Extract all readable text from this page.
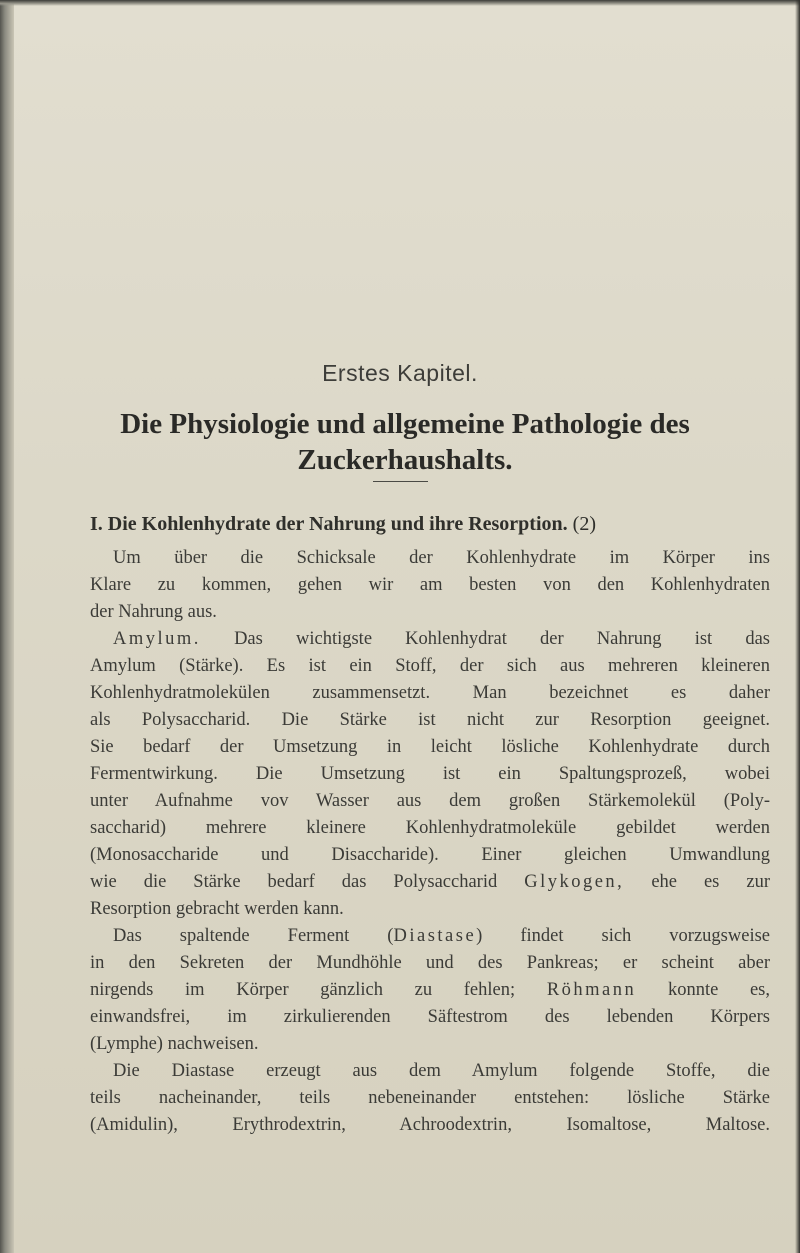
Erstes Kapitel.
Die Physiologie und allgemeine Pathologie des
Zuckerhaushalts.
I. Die Kohlenhydrate der Nahrung und ihre Resorption. (2)
Um über die Schicksale der Kohlenhydrate im Körper ins
Klare zu kommen, gehen wir am besten von den Kohlenhydraten
der Nahrung aus.
Amylum. Das wichtigste Kohlenhydrat der Nahrung ist das
Amylum (Stärke). Es ist ein Stoff, der sich aus mehreren kleineren
Kohlenhydratmolekülen zusammensetzt. Man bezeichnet es daher
als Polysaccharid. Die Stärke ist nicht zur Resorption geeignet.
Sie bedarf der Umsetzung in leicht lösliche Kohlenhydrate durch
Fermentwirkung. Die Umsetzung ist ein Spaltungsprozeß, wobei
unter Aufnahme vov Wasser aus dem großen Stärkemolekül (Poly-
saccharid) mehrere kleinere Kohlenhydratmoleküle gebildet werden
(Monosaccharide und Disaccharide). Einer gleichen Umwandlung
wie die Stärke bedarf das Polysaccharid Glykogen, ehe es zur
Resorption gebracht werden kann.
Das spaltende Ferment (Diastase) findet sich vorzugsweise
in den Sekreten der Mundhöhle und des Pankreas; er scheint aber
nirgends im Körper gänzlich zu fehlen; Röhmann konnte es,
einwandsfrei, im zirkulierenden Säftestrom des lebenden Körpers
(Lymphe) nachweisen.
Die Diastase erzeugt aus dem Amylum folgende Stoffe, die
teils nacheinander, teils nebeneinander entstehen: lösliche Stärke
(Amidulin), Erythrodextrin, Achroodextrin, Isomaltose, Maltose.
